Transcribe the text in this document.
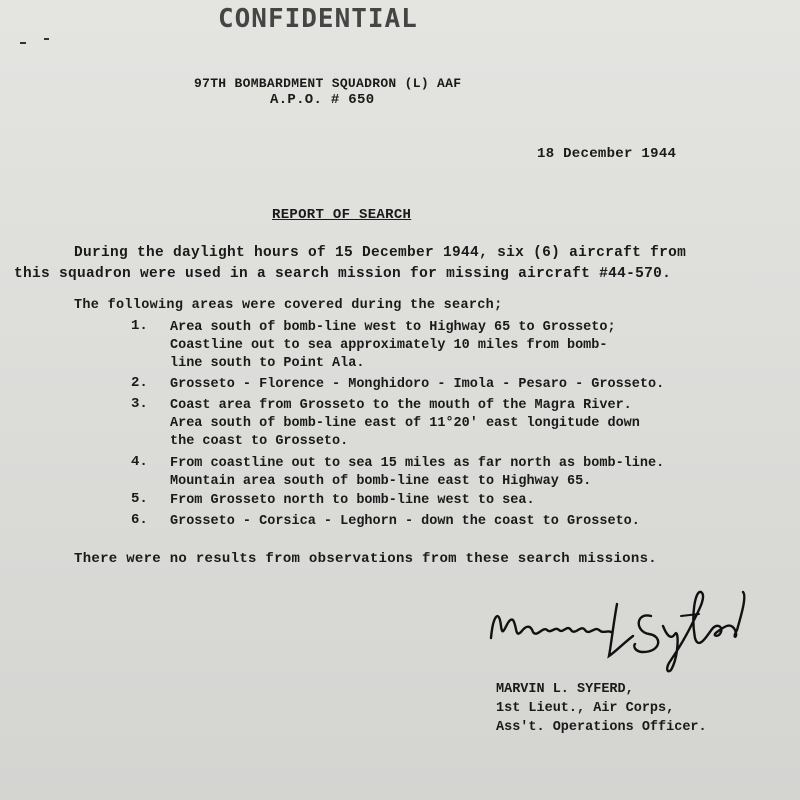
CONFIDENTIAL
97TH BOMBARDMENT SQUADRON (L) AAF
A.P.O. # 650
18 December 1944
REPORT OF SEARCH
During the daylight hours of 15 December 1944, six (6) aircraft from
this squadron were used in a search mission for missing aircraft #44-570.
The following areas were covered during the search;
1. Area south of bomb-line west to Highway 65 to Grosseto;
Coastline out to sea approximately 10 miles from bomb-
line south to Point Ala.
2. Grosseto - Florence - Monghidoro - Imola - Pesaro - Grosseto.
3. Coast area from Grosseto to the mouth of the Magra River.
Area south of bomb-line east of 11°20' east longitude down
the coast to Grosseto.
4. From coastline out to sea 15 miles as far north as bomb-line.
Mountain area south of bomb-line east to Highway 65.
5. From Grosseto north to bomb-line west to sea.
6. Grosseto - Corsica - Leghorn - down the coast to Grosseto.
There were no results from observations from these search missions.
MARVIN L. SYFERD,
1st Lieut., Air Corps,
Ass't. Operations Officer.
